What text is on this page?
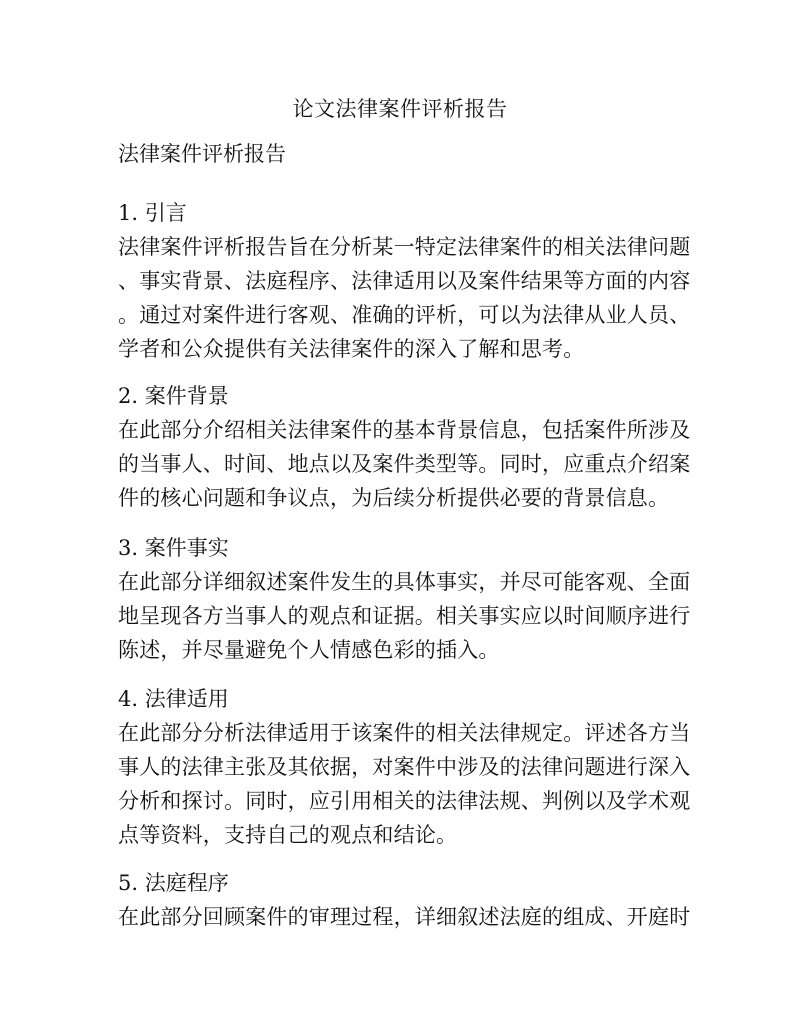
论文法律案件评析报告
法律案件评析报告
1. 引言
法律案件评析报告旨在分析某一特定法律案件的相关法律问题
、事实背景、法庭程序、法律适用以及案件结果等方面的内容
。通过对案件进行客观、准确的评析，可以为法律从业人员、
学者和公众提供有关法律案件的深入了解和思考。
2. 案件背景
在此部分介绍相关法律案件的基本背景信息，包括案件所涉及
的当事人、时间、地点以及案件类型等。同时，应重点介绍案
件的核心问题和争议点，为后续分析提供必要的背景信息。
3. 案件事实
在此部分详细叙述案件发生的具体事实，并尽可能客观、全面
地呈现各方当事人的观点和证据。相关事实应以时间顺序进行
陈述，并尽量避免个人情感色彩的插入。
4. 法律适用
在此部分分析法律适用于该案件的相关法律规定。评述各方当
事人的法律主张及其依据，对案件中涉及的法律问题进行深入
分析和探讨。同时，应引用相关的法律法规、判例以及学术观
点等资料，支持自己的观点和结论。
5. 法庭程序
在此部分回顾案件的审理过程，详细叙述法庭的组成、开庭时
